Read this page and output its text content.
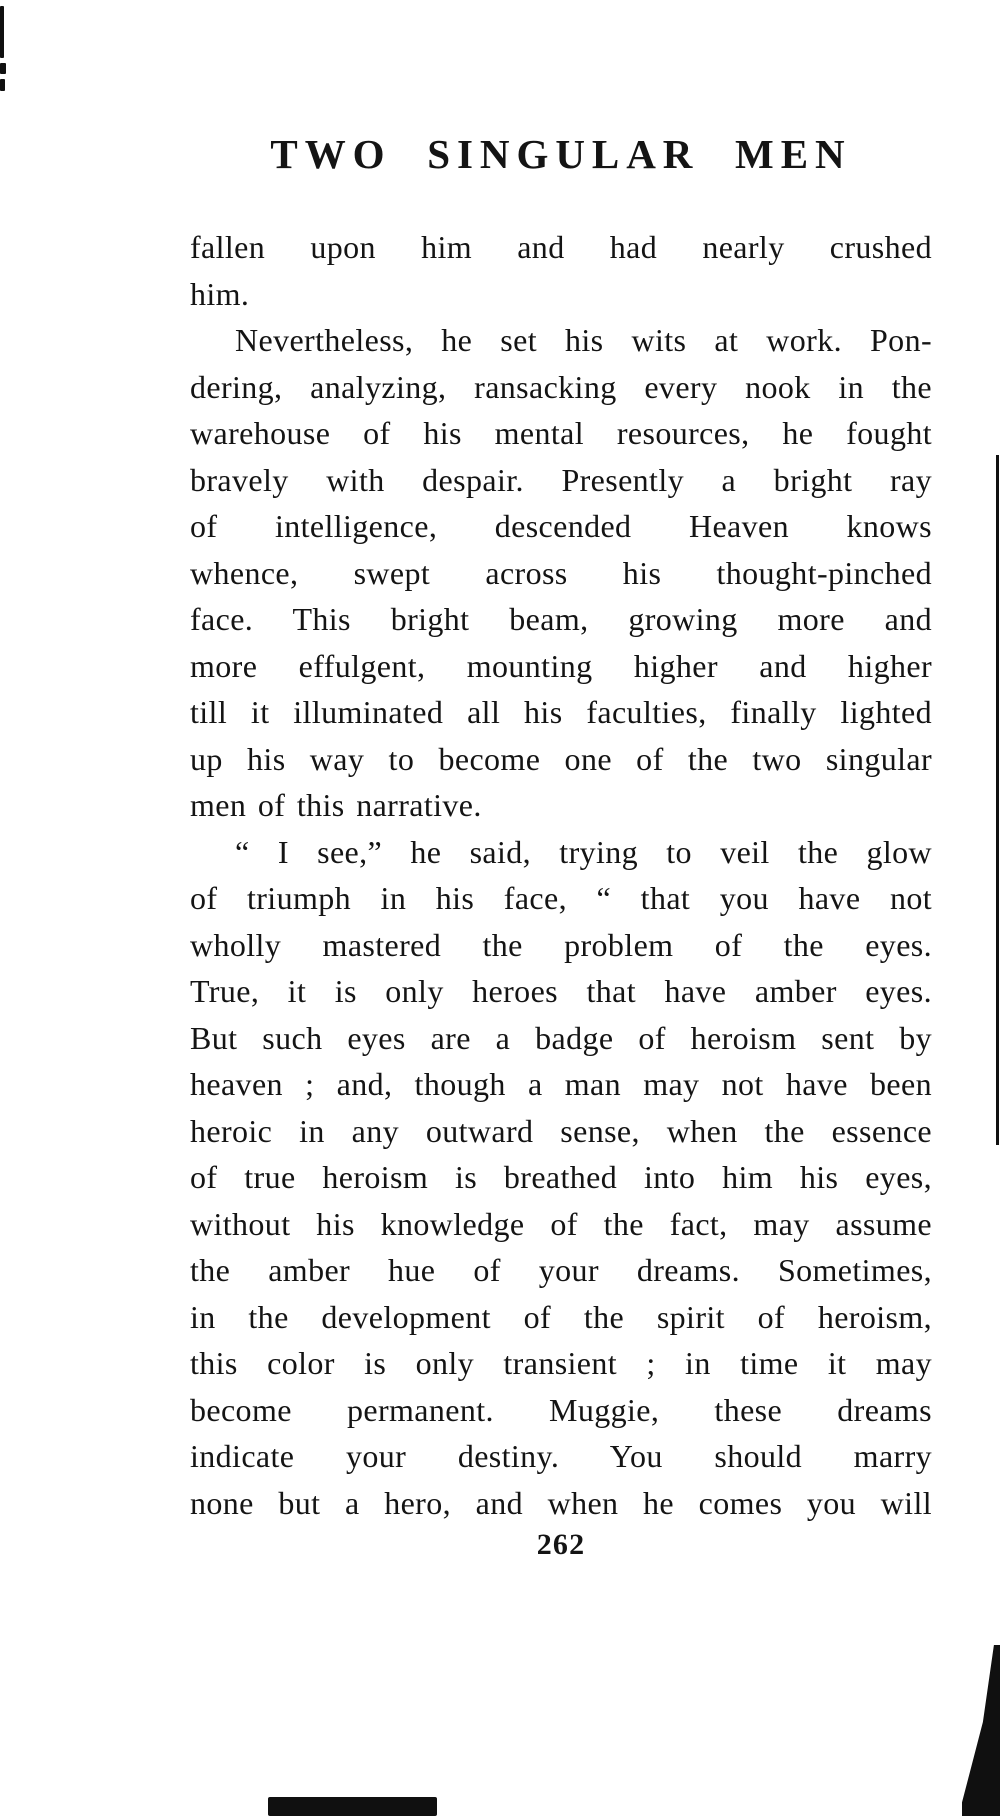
TWO SINGULAR MEN
fallen upon him and had nearly crushed
him.
Nevertheless, he set his wits at work. Pon-
dering, analyzing, ransacking every nook in the
warehouse of his mental resources, he fought
bravely with despair. Presently a bright ray
of intelligence, descended Heaven knows
whence, swept across his thought-pinched
face. This bright beam, growing more and
more effulgent, mounting higher and higher
till it illuminated all his faculties, finally lighted
up his way to become one of the two singular
men of this narrative.
“ I see,” he said, trying to veil the glow
of triumph in his face, “ that you have not
wholly mastered the problem of the eyes.
True, it is only heroes that have amber eyes.
But such eyes are a badge of heroism sent by
heaven ; and, though a man may not have been
heroic in any outward sense, when the essence
of true heroism is breathed into him his eyes,
without his knowledge of the fact, may assume
the amber hue of your dreams. Sometimes,
in the development of the spirit of heroism,
this color is only transient ; in time it may
become permanent. Muggie, these dreams
indicate your destiny. You should marry
none but a hero, and when he comes you will
262
